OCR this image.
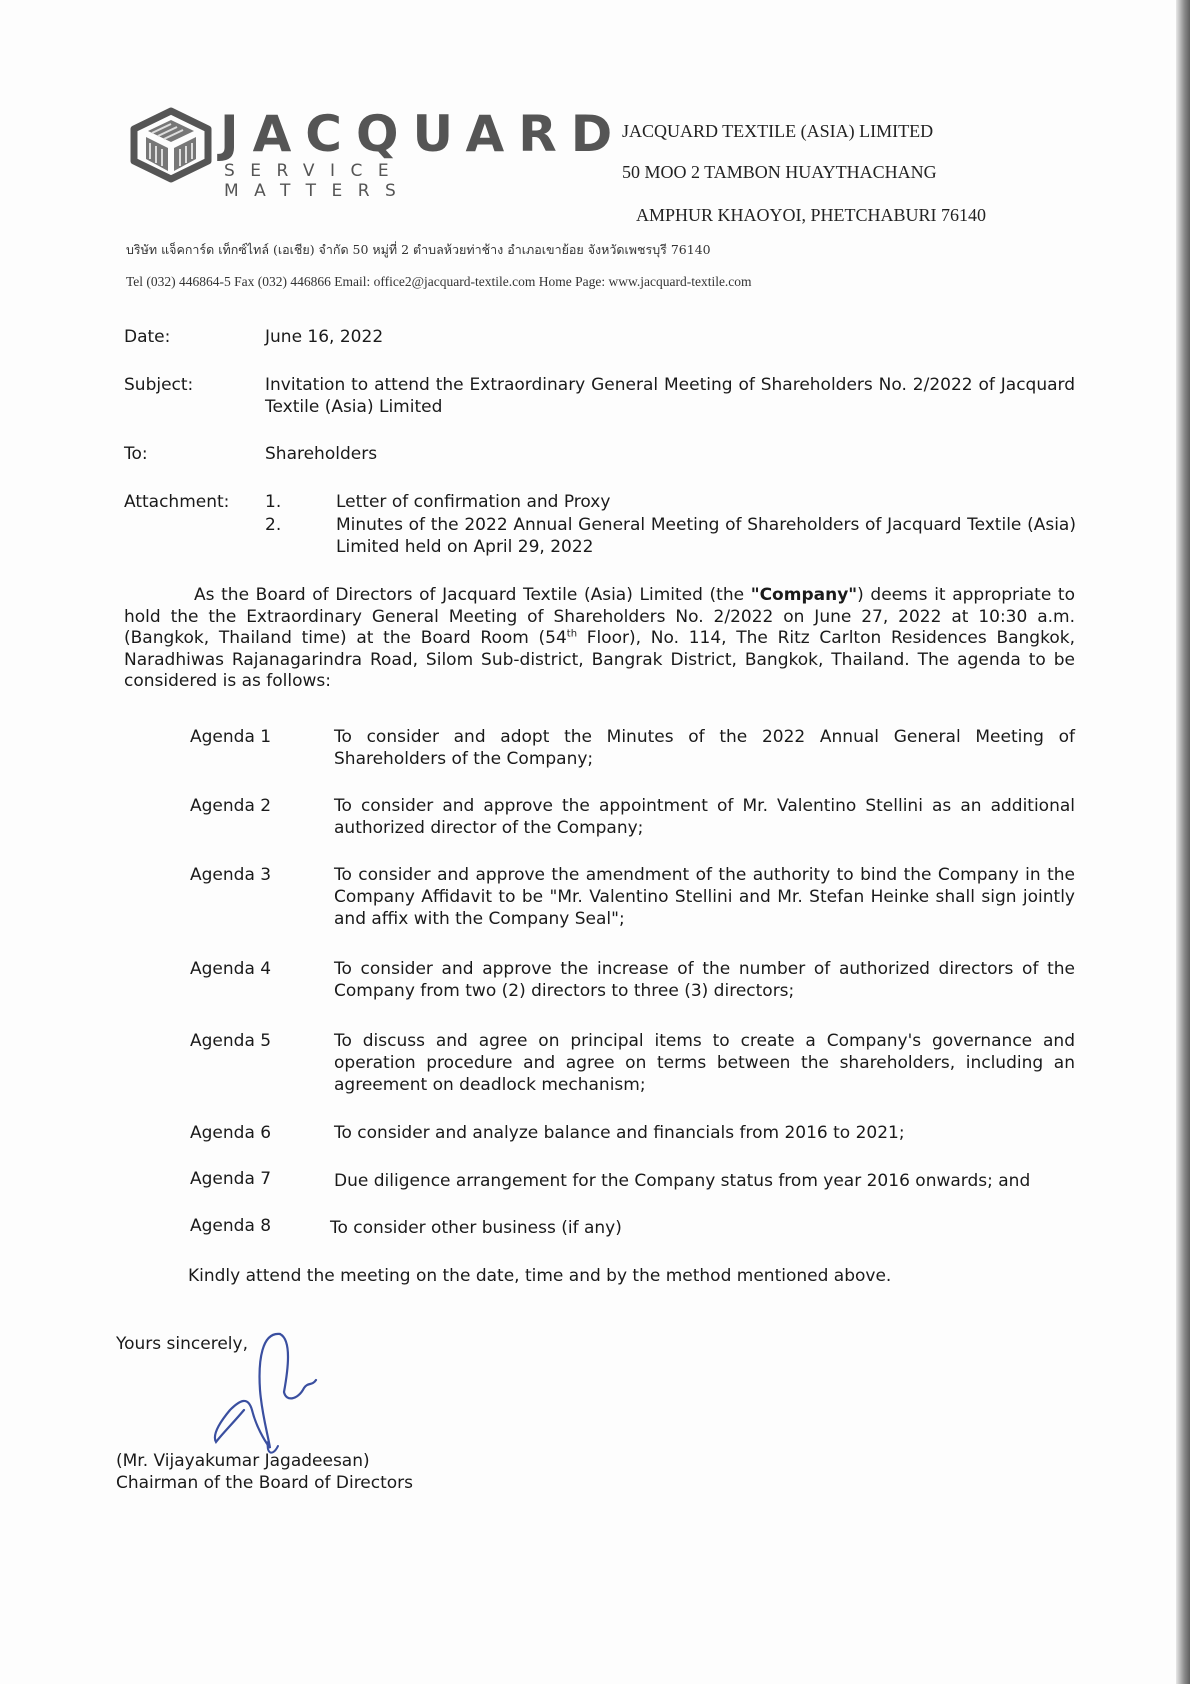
JACQUARD
SERVICE MATTERS
JACQUARD TEXTILE (ASIA) LIMITED
50 MOO 2 TAMBON HUAYTHACHANG
AMPHUR KHAOYOI, PHETCHABURI 76140
บริษัท แจ็คการ์ด เท็กซ์ไทล์ (เอเชีย) จำกัด 50 หมู่ที่ 2 ตำบลห้วยท่าช้าง อำเภอเขาย้อย จังหวัดเพชรบุรี 76140
Tel (032) 446864-5 Fax (032) 446866 Email: office2@jacquard-textile.com Home Page: www.jacquard-textile.com
Date:	June 16, 2022
Subject:	Invitation to attend the Extraordinary General Meeting of Shareholders No. 2/2022 of Jacquard Textile (Asia) Limited
To:	Shareholders
Attachment: 1.	Letter of confirmation and Proxy
2.	Minutes of the 2022 Annual General Meeting of Shareholders of Jacquard Textile (Asia) Limited held on April 29, 2022
As the Board of Directors of Jacquard Textile (Asia) Limited (the "Company") deems it appropriate to hold the the Extraordinary General Meeting of Shareholders No. 2/2022 on June 27, 2022 at 10:30 a.m. (Bangkok, Thailand time) at the Board Room (54th Floor), No. 114, The Ritz Carlton Residences Bangkok, Naradhiwas Rajanagarindra Road, Silom Sub-district, Bangrak District, Bangkok, Thailand. The agenda to be considered is as follows:
Agenda 1	To consider and adopt the Minutes of the 2022 Annual General Meeting of Shareholders of the Company;
Agenda 2	To consider and approve the appointment of Mr. Valentino Stellini as an additional authorized director of the Company;
Agenda 3	To consider and approve the amendment of the authority to bind the Company in the Company Affidavit to be "Mr. Valentino Stellini and Mr. Stefan Heinke shall sign jointly and affix with the Company Seal";
Agenda 4	To consider and approve the increase of the number of authorized directors of the Company from two (2) directors to three (3) directors;
Agenda 5	To discuss and agree on principal items to create a Company's governance and operation procedure and agree on terms between the shareholders, including an agreement on deadlock mechanism;
Agenda 6	To consider and analyze balance and financials from 2016 to 2021;
Agenda 7	Due diligence arrangement for the Company status from year 2016 onwards; and
Agenda 8	To consider other business (if any)
Kindly attend the meeting on the date, time and by the method mentioned above.
Yours sincerely,
(Mr. Vijayakumar Jagadeesan)
Chairman of the Board of Directors
